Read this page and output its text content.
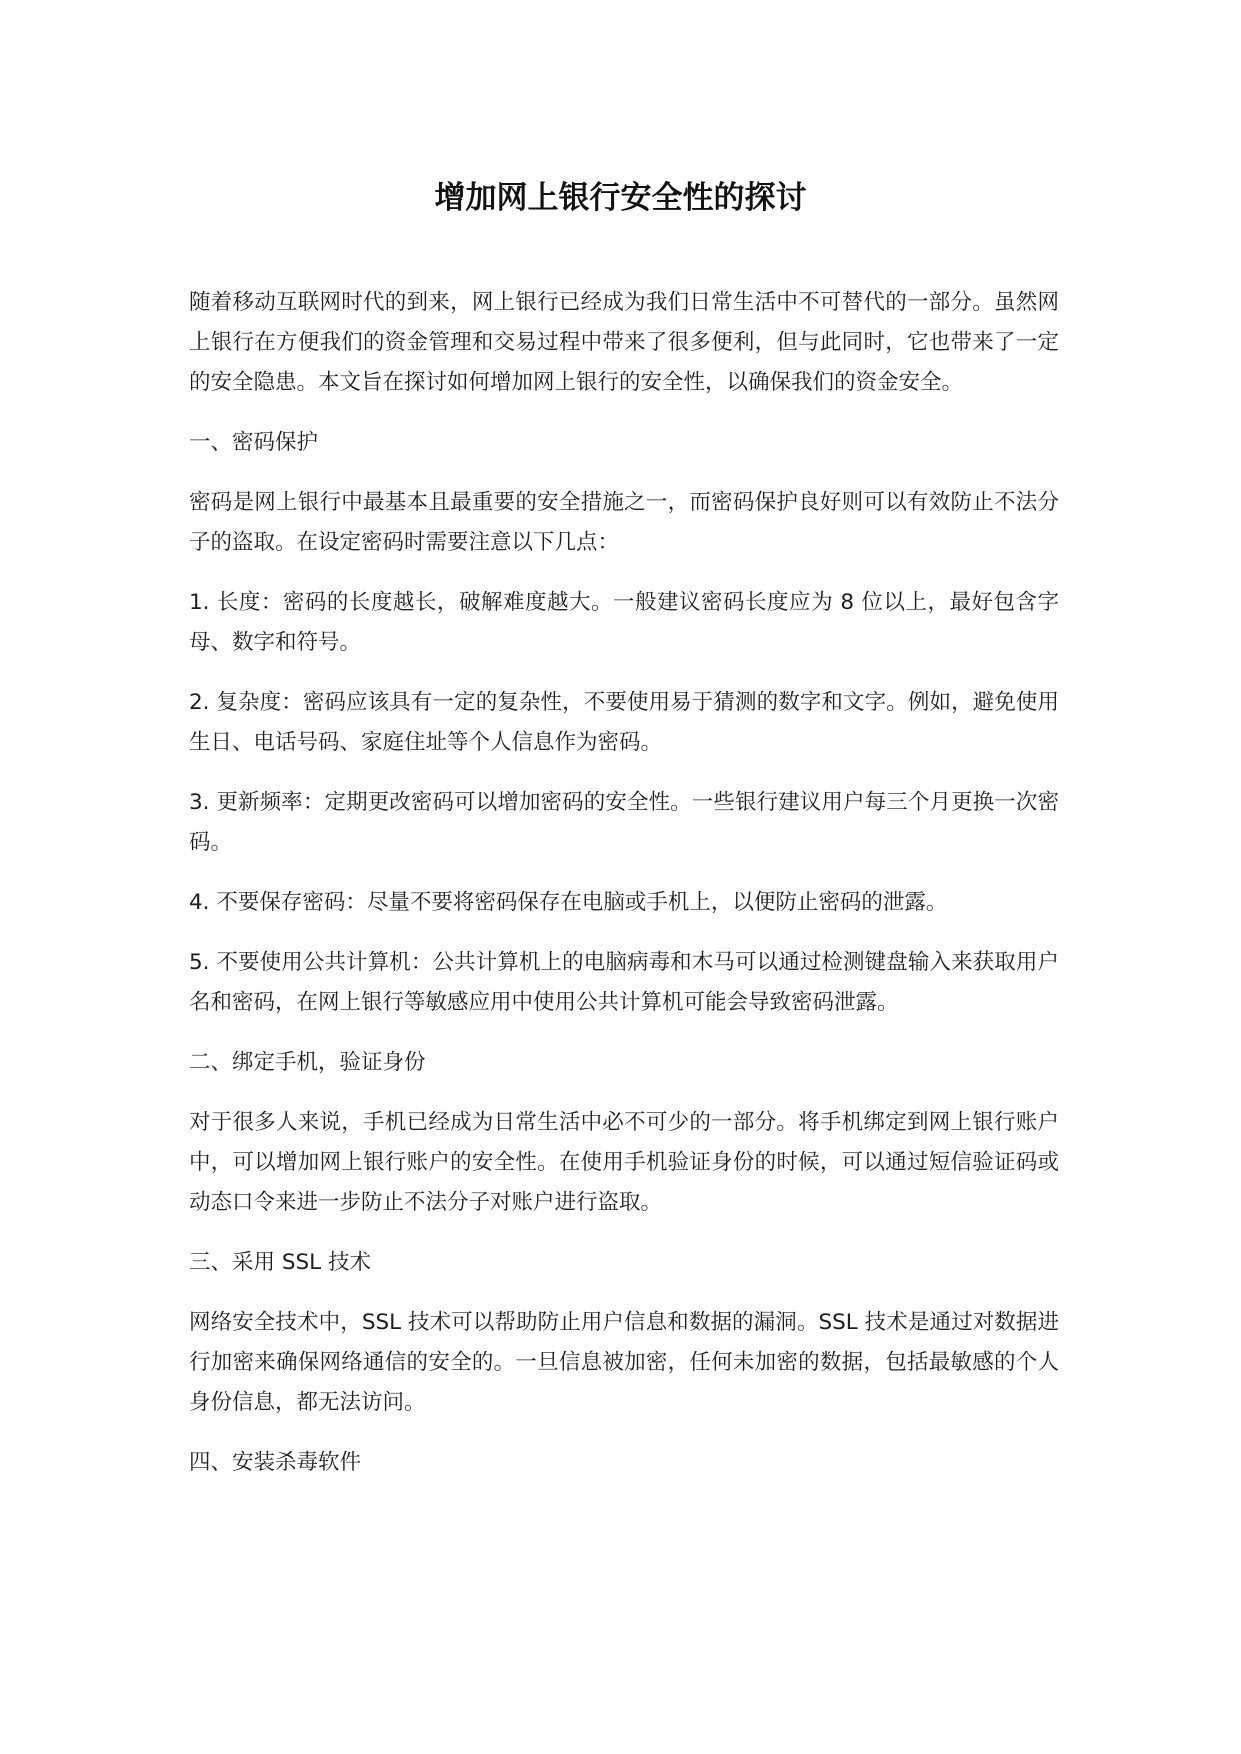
增加网上银行安全性的探讨

随着移动互联网时代的到来，网上银行已经成为我们日常生活中不可替代的一部分。虽然网上银行在方便我们的资金管理和交易过程中带来了很多便利，但与此同时，它也带来了一定的安全隐患。本文旨在探讨如何增加网上银行的安全性，以确保我们的资金安全。

一、密码保护

密码是网上银行中最基本且最重要的安全措施之一，而密码保护良好则可以有效防止不法分子的盗取。在设定密码时需要注意以下几点：

1. 长度：密码的长度越长，破解难度越大。一般建议密码长度应为 8 位以上，最好包含字母、数字和符号。

2. 复杂度：密码应该具有一定的复杂性，不要使用易于猜测的数字和文字。例如，避免使用生日、电话号码、家庭住址等个人信息作为密码。

3. 更新频率：定期更改密码可以增加密码的安全性。一些银行建议用户每三个月更换一次密码。

4. 不要保存密码：尽量不要将密码保存在电脑或手机上，以便防止密码的泄露。

5. 不要使用公共计算机：公共计算机上的电脑病毒和木马可以通过检测键盘输入来获取用户名和密码，在网上银行等敏感应用中使用公共计算机可能会导致密码泄露。

二、绑定手机，验证身份

对于很多人来说，手机已经成为日常生活中必不可少的一部分。将手机绑定到网上银行账户中，可以增加网上银行账户的安全性。在使用手机验证身份的时候，可以通过短信验证码或动态口令来进一步防止不法分子对账户进行盗取。

三、采用 SSL 技术

网络安全技术中，SSL 技术可以帮助防止用户信息和数据的漏洞。SSL 技术是通过对数据进行加密来确保网络通信的安全的。一旦信息被加密，任何未加密的数据，包括最敏感的个人身份信息，都无法访问。

四、安装杀毒软件
